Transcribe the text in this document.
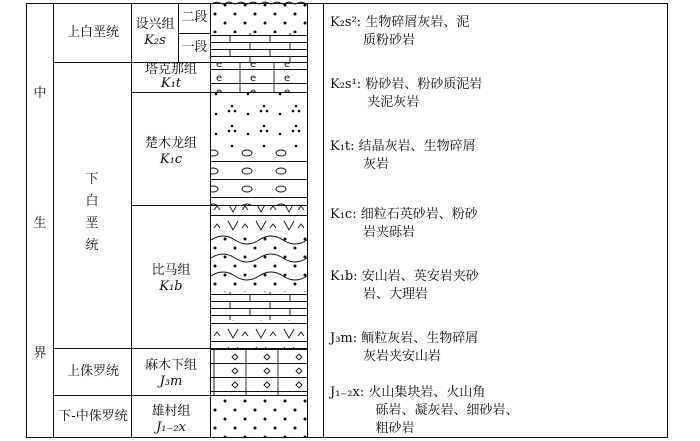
中
生
界
上白垩统
下
白
垩
统
上侏罗统
下-中侏罗统
设兴组
K₂s
二段
一段
塔克那组
K₁t
楚木龙组
K₁c
比马组
K₁b
麻木下组
J₃m
雄村组
J₁₋₂x
K₂s²: 生物碎屑灰岩、泥
质粉砂岩
K₂s¹: 粉砂岩、粉砂质泥岩
夹泥灰岩
K₁t: 结晶灰岩、生物碎屑
灰岩
K₁c: 细粒石英砂岩、粉砂
岩夹砾岩
K₁b: 安山岩、英安岩夹砂
岩、大理岩
J₃m: 鲕粒灰岩、生物碎屑
灰岩夹安山岩
J₁₋₂x: 火山集块岩、火山角
砾岩、凝灰岩、细砂岩、
粗砂岩
